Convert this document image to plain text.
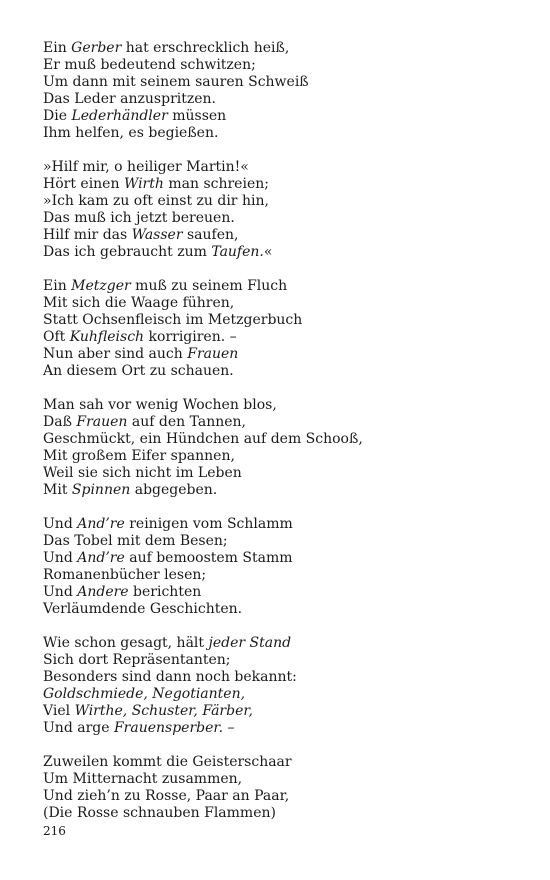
Ein Gerber hat erschrecklich heiß,
Er muß bedeutend schwitzen;
Um dann mit seinem sauren Schweiß
Das Leder anzuspritzen.
Die Lederhändler müssen
Ihm helfen, es begießen.
»Hilf mir, o heiliger Martin!«
Hört einen Wirth man schreien;
»Ich kam zu oft einst zu dir hin,
Das muß ich jetzt bereuen.
Hilf mir das Wasser saufen,
Das ich gebraucht zum Taufen.«
Ein Metzger muß zu seinem Fluch
Mit sich die Waage führen,
Statt Ochsenfleisch im Metzgerbuch
Oft Kuhfleisch korrigiren. –
Nun aber sind auch Frauen
An diesem Ort zu schauen.
Man sah vor wenig Wochen blos,
Daß Frauen auf den Tannen,
Geschmückt, ein Hündchen auf dem Schooß,
Mit großem Eifer spannen,
Weil sie sich nicht im Leben
Mit Spinnen abgegeben.
Und And’re reinigen vom Schlamm
Das Tobel mit dem Besen;
Und And’re auf bemoostem Stamm
Romanenbücher lesen;
Und Andere berichten
Verläumdende Geschichten.
Wie schon gesagt, hält jeder Stand
Sich dort Repräsentanten;
Besonders sind dann noch bekannt:
Goldschmiede, Negotianten,
Viel Wirthe, Schuster, Färber,
Und arge Frauensperber. –
Zuweilen kommt die Geisterschaar
Um Mitternacht zusammen,
Und zieh’n zu Rosse, Paar an Paar,
(Die Rosse schnauben Flammen)
216
